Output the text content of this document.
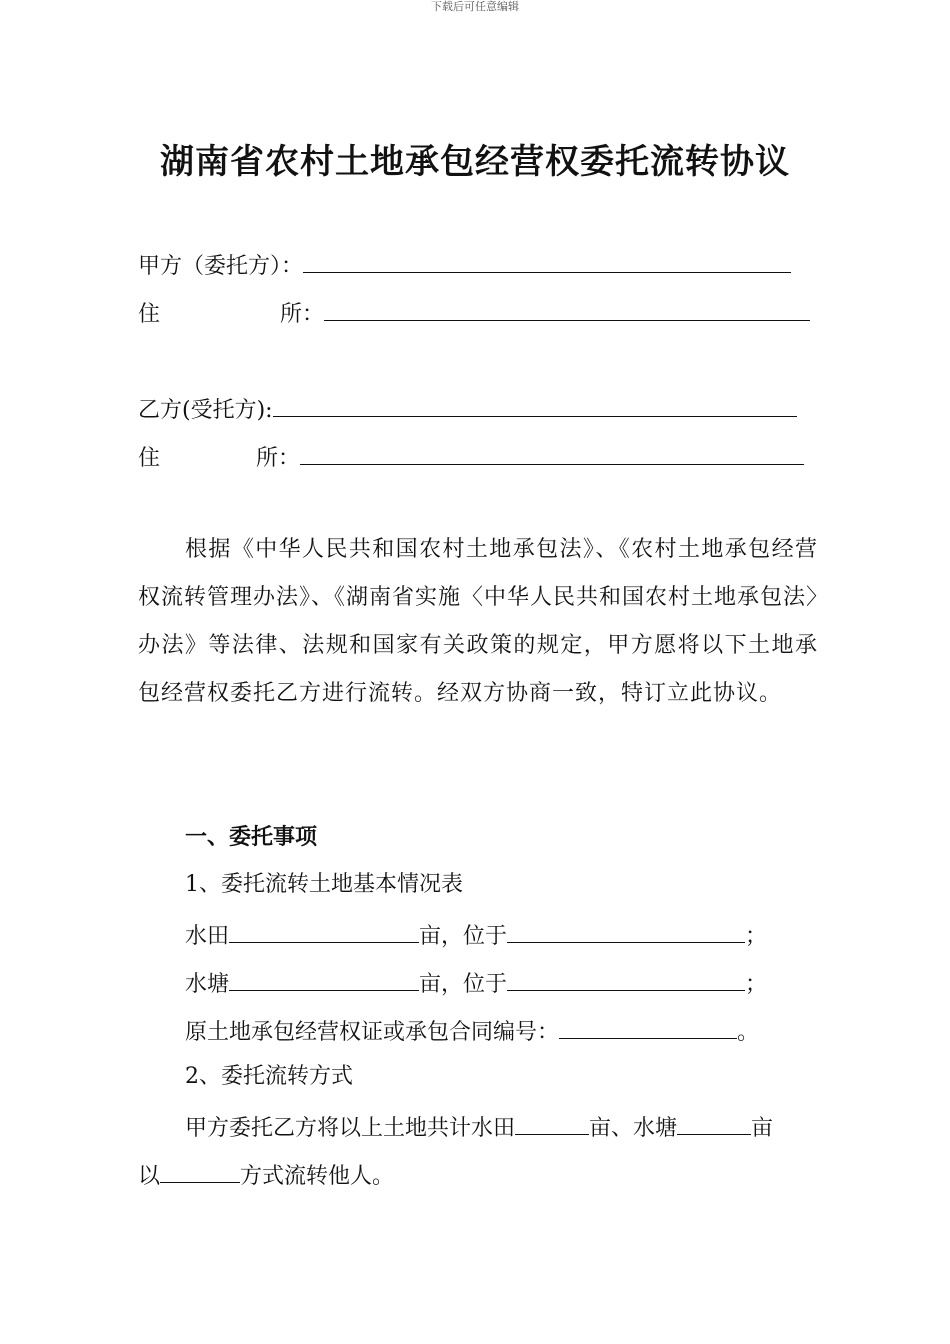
下载后可任意编辑
湖南省农村土地承包经营权委托流转协议
甲方（委托方）：
住	所：
乙方(受托方):
住	所：
根据《中华人民共和国农村土地承包法》、《农村土地承包经营权流转管理办法》、《湖南省实施〈中华人民共和国农村土地承包法〉办法》等法律、法规和国家有关政策的规定，甲方愿将以下土地承包经营权委托乙方进行流转。经双方协商一致，特订立此协议。
一、委托事项
1、委托流转土地基本情况表
水田	亩，位于	；
水塘	亩，位于	；
原土地承包经营权证或承包合同编号：	。
2、委托流转方式
甲方委托乙方将以上土地共计水田	亩、水塘	亩
以	方式流转他人。
